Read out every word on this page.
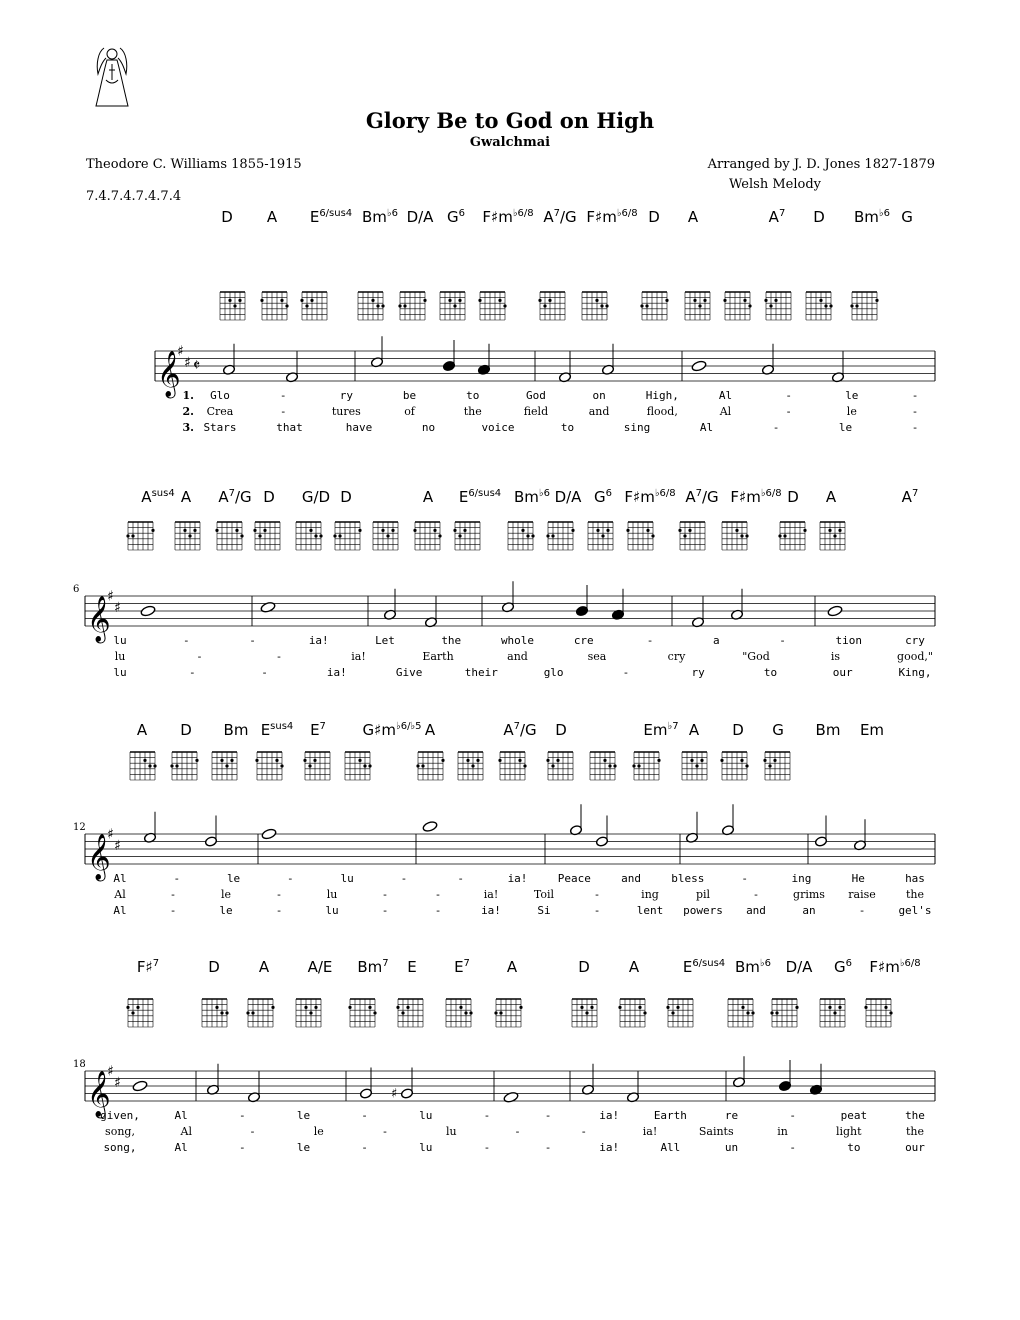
Glory Be to God on High
Gwalchmai
Theodore C. Williams 1855-1915
7.4.7.4.7.4.7.4
Arranged by J. D. Jones 1827-1879
Welsh Melody
D A $E^{6/sus4}$ $Bm^{♭6}$ D/A $G^6$ $F♯m^{♭6/8}$ $A^7/G$ $F♯m^{♭6/8}$ D A	$A^7$ D $Bm^{♭6}$ G
𝄞
♯
♯ 𝄵
1. Glo	-	ry	be	to	God	on	High,	Al	-	le	-
2. Crea	-	tures	of	the	field	and	flood,	Al	-	le	-
3. Stars	that	have	no	voice	to	sing	Al	-	le	-
$A^{sus4}$ A $A^7/G$ D G/D D	A $E^{6/sus4}$ $Bm^{♭6}$ D/A $G^6$ $F♯m^{♭6/8}$ $A^7/G$ $F♯m^{♭6/8}$ D A	$A^7$
𝄞
♯
♯
6
lu	-	-	ia!	Let	the	whole	cre	-	a	-	tion	cry
lu	-	-	ia!	Earth	and	sea	cry	"God	is	good,"
lu	-	-	ia!	Give	their	glo	-	ry	to	our	King,
A D Bm $E^{sus4}$ $E^7$ $G♯m^{♭6/♭5}$ A	$A^7/G$ D	$Em^{♭7}$ A D G Bm Em
𝄞
♯
♯
12
Al	-	le	-	lu	-	-	ia!	Peace	and	bless	-	ing	He	has
Al	-	le	-	lu	-	-	ia!	Toil	-	ing	pil	-	grims raise	the
Al	-	le	-	lu	-	-	ia!	Si	-	lent powers and	an	-	gel's
F♯$^7$	D	A	A/E Bm$^7$ E $E^7$ A	D	A	$E^{6/sus4}$ $Bm^{♭6}$ D/A $G^6$ $F♯m^{♭6/8}$
𝄞
♯
♯
18
♯
given,	Al	-	le	-	lu	-	-	ia!	Earth	re	-	peat	the
song,	Al	-	le	-	lu	-	-	ia!	Saints	in	light	the
song,	Al	-	le	-	lu	-	-	ia!	All	un	-	to	our
